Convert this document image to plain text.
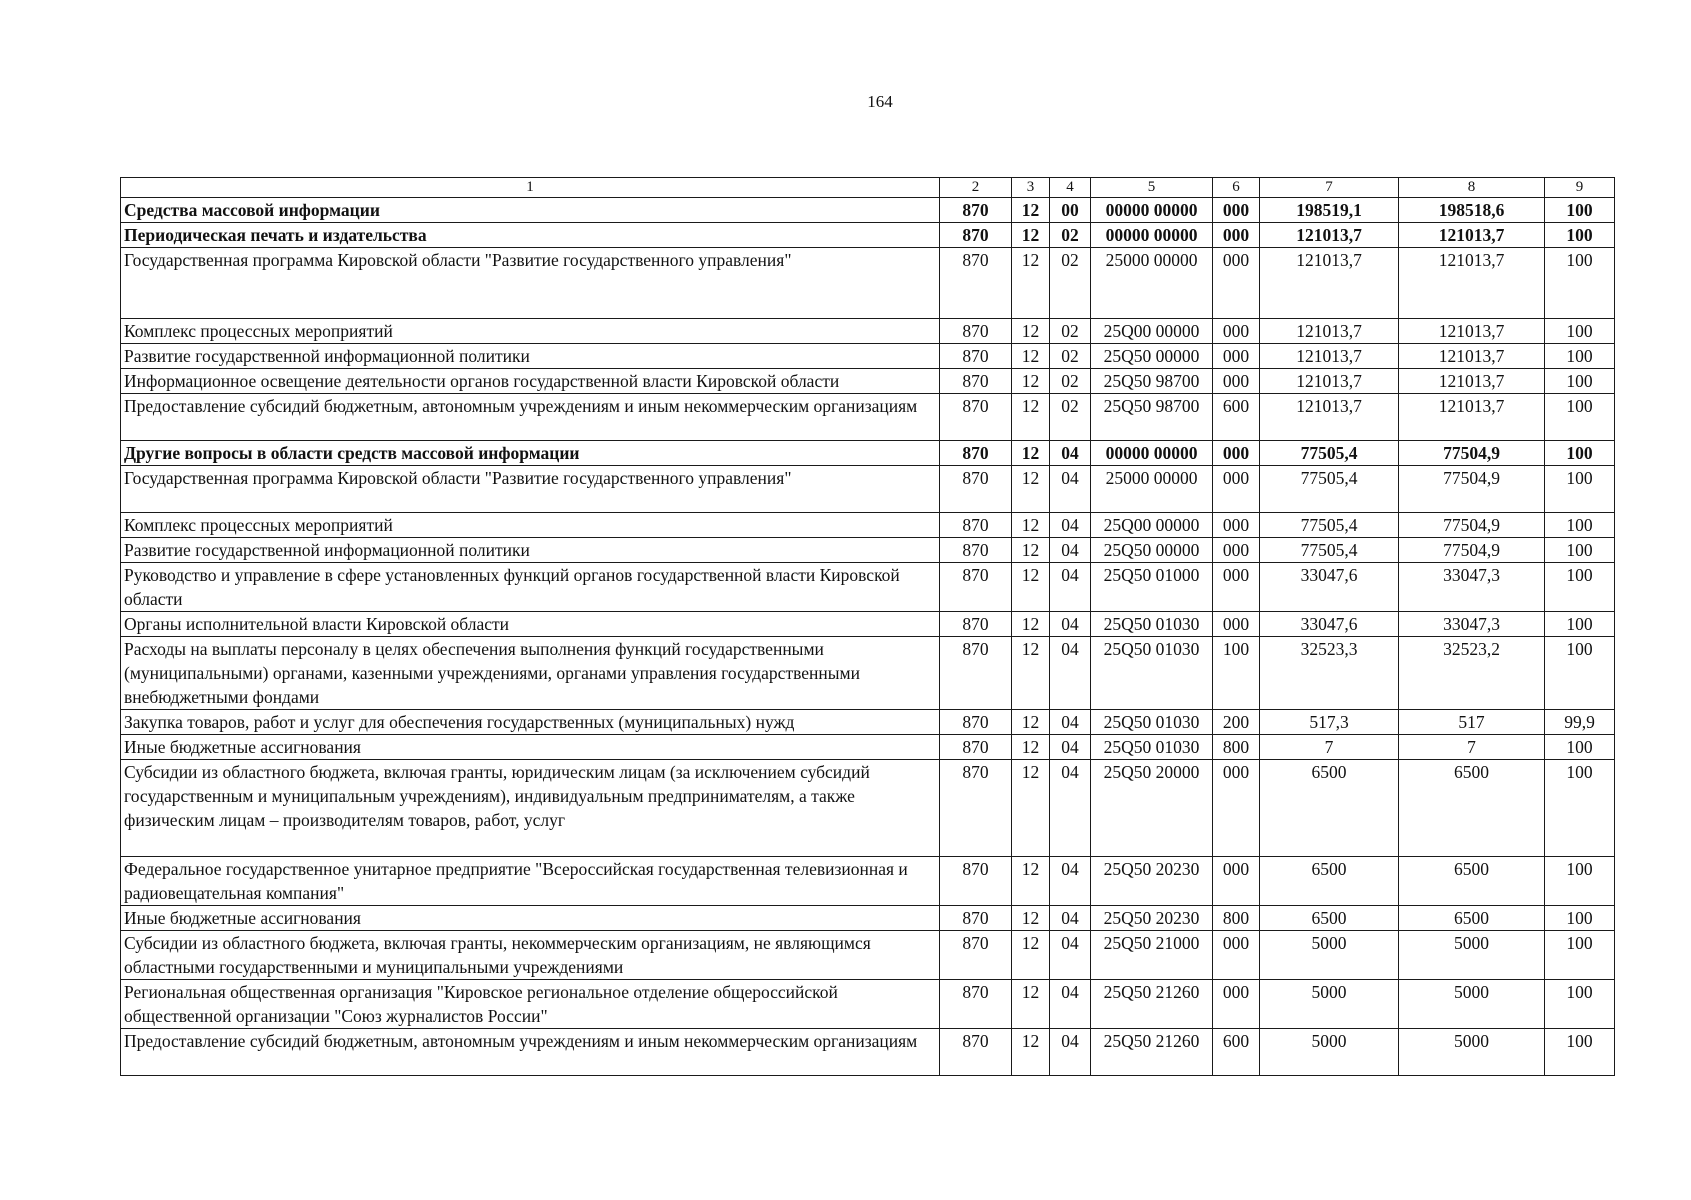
164
1	2	3	4	5	6	7	8	9
Средства массовой информации	870	12	00	00000 00000	000	198519,1	198518,6	100
Периодическая печать и издательства	870	12	02	00000 00000	000	121013,7	121013,7	100
Государственная программа Кировской области "Развитие государственного управления"	870	12	02	25000 00000	000	121013,7	121013,7	100
Комплекс процессных мероприятий	870	12	02	25Q00 00000	000	121013,7	121013,7	100
Развитие государственной информационной политики	870	12	02	25Q50 00000	000	121013,7	121013,7	100
Информационное освещение деятельности органов государственной власти Кировской области	870	12	02	25Q50 98700	000	121013,7	121013,7	100
Предоставление субсидий бюджетным, автономным учреждениям и иным некоммерческим организациям	870	12	02	25Q50 98700	600	121013,7	121013,7	100
Другие вопросы в области средств массовой информации	870	12	04	00000 00000	000	77505,4	77504,9	100
Государственная программа Кировской области "Развитие государственного управления"	870	12	04	25000 00000	000	77505,4	77504,9	100
Комплекс процессных мероприятий	870	12	04	25Q00 00000	000	77505,4	77504,9	100
Развитие государственной информационной политики	870	12	04	25Q50 00000	000	77505,4	77504,9	100
Руководство и управление в сфере установленных функций органов государственной власти Кировской области	870	12	04	25Q50 01000	000	33047,6	33047,3	100
Органы исполнительной власти Кировской области	870	12	04	25Q50 01030	000	33047,6	33047,3	100
Расходы на выплаты персоналу в целях обеспечения выполнения функций государственными (муниципальными) органами, казенными учреждениями, органами управления государственными внебюджетными фондами	870	12	04	25Q50 01030	100	32523,3	32523,2	100
Закупка товаров, работ и услуг для обеспечения государственных (муниципальных) нужд	870	12	04	25Q50 01030	200	517,3	517	99,9
Иные бюджетные ассигнования	870	12	04	25Q50 01030	800	7	7	100
Субсидии из областного бюджета, включая гранты, юридическим лицам (за исключением субсидий государственным и муниципальным учреждениям), индивидуальным предпринимателям, а также физическим лицам – производителям товаров, работ, услуг	870	12	04	25Q50 20000	000	6500	6500	100
Федеральное государственное унитарное предприятие "Всероссийская государственная телевизионная и радиовещательная компания"	870	12	04	25Q50 20230	000	6500	6500	100
Иные бюджетные ассигнования	870	12	04	25Q50 20230	800	6500	6500	100
Субсидии из областного бюджета, включая гранты, некоммерческим организациям, не являющимся областными государственными и муниципальными учреждениями	870	12	04	25Q50 21000	000	5000	5000	100
Региональная общественная организация "Кировское региональное отделение общероссийской общественной организации "Союз журналистов России"	870	12	04	25Q50 21260	000	5000	5000	100
Предоставление субсидий бюджетным, автономным учреждениям и иным некоммерческим организациям	870	12	04	25Q50 21260	600	5000	5000	100
